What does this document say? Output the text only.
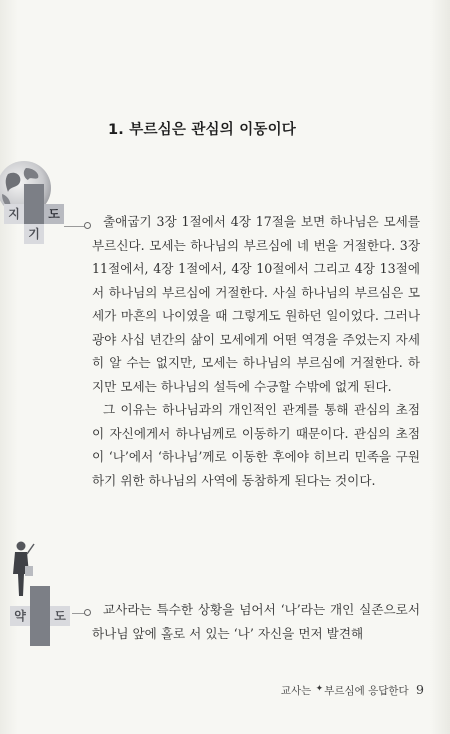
1. 부르심은 관심의 이동이다
지	도
기

출애굽기 3장 1절에서 4장 17절을 보면 하나님은 모세를 부르신다. 모세는 하나님의 부르심에 네 번을 거절한다. 3장 11절에서, 4장 1절에서, 4장 10절에서 그리고 4장 13절에서 하나님의 부르심에 거절한다. 사실 하나님의 부르심은 모세가 마흔의 나이였을 때 그렇게도 원하던 일이었다. 그러나 광야 사십 년간의 삶이 모세에게 어떤 역경을 주었는지 자세히 알 수는 없지만, 모세는 하나님의 부르심에 거절한다. 하지만 모세는 하나님의 설득에 수긍할 수밖에 없게 된다.

그 이유는 하나님과의 개인적인 관계를 통해 관심의 초점이 자신에게서 하나님께로 이동하기 때문이다. 관심의 초점이 ‘나’에서 ‘하나님’께로 이동한 후에야 히브리 민족을 구원하기 위한 하나님의 사역에 동참하게 된다는 것이다.

약	도	교사라는 특수한 상황을 넘어서 ‘나’라는 개인 실존으로서 하나님 앞에 홀로 서 있는 ‘나’ 자신을 먼저 발견해

교사는 ✦부르심에 응답한다 9
